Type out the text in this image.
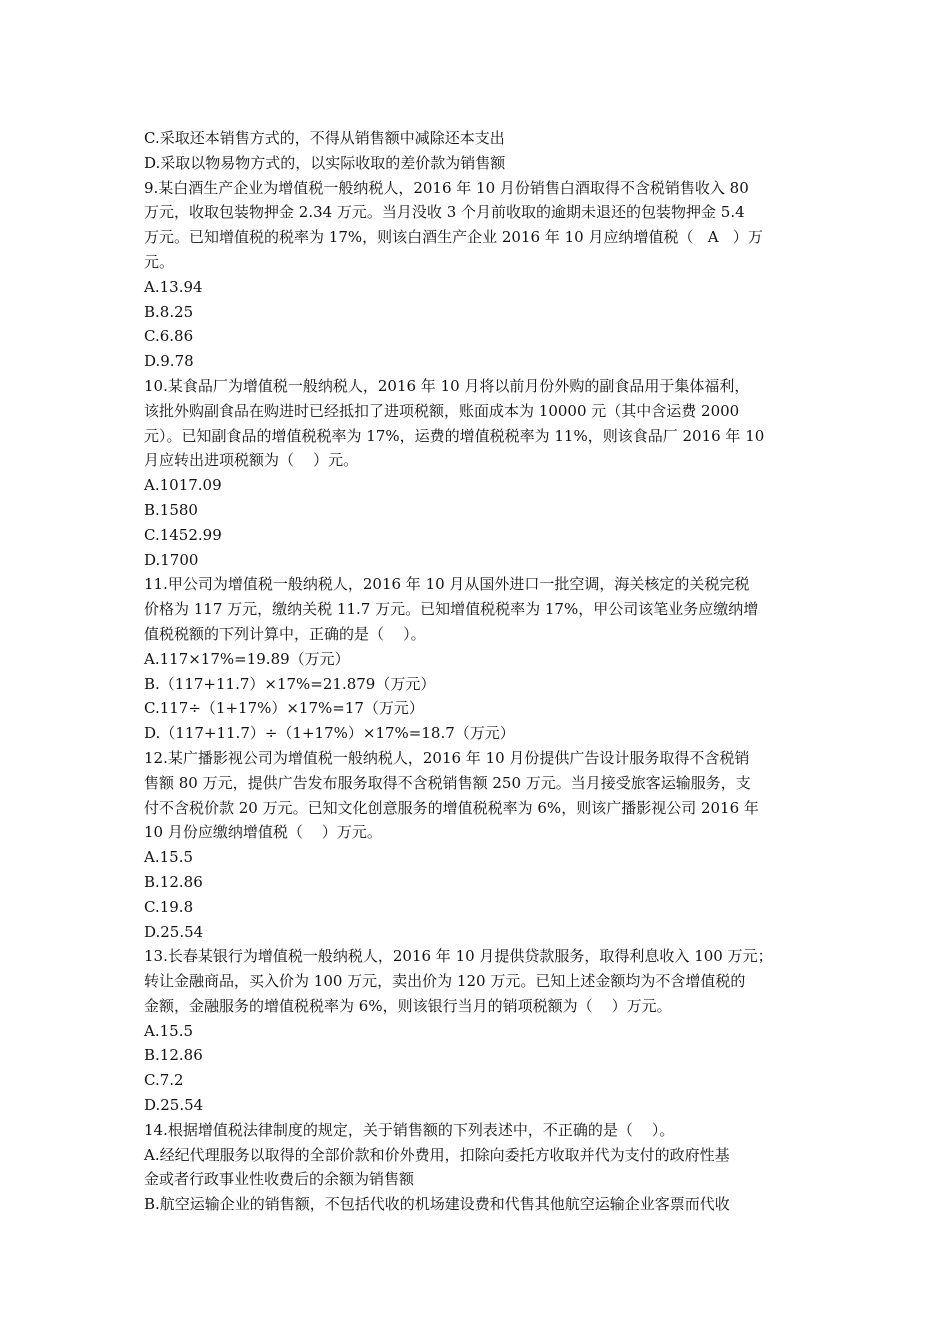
C.采取还本销售方式的，不得从销售额中减除还本支出
D.采取以物易物方式的，以实际收取的差价款为销售额
9.某白酒生产企业为增值税一般纳税人，2016 年 10 月份销售白酒取得不含税销售收入 80
万元，收取包装物押金 2.34 万元。当月没收 3 个月前收取的逾期未退还的包装物押金 5.4
万元。已知增值税的税率为 17%，则该白酒生产企业 2016 年 10 月应纳增值税（   A   ）万
元。
A.13.94
B.8.25
C.6.86
D.9.78
10.某食品厂为增值税一般纳税人，2016 年 10 月将以前月份外购的副食品用于集体福利，
该批外购副食品在购进时已经抵扣了进项税额，账面成本为 10000 元（其中含运费 2000
元）。已知副食品的增值税税率为 17%，运费的增值税税率为 11%，则该食品厂 2016 年 10
月应转出进项税额为（    ）元。
A.1017.09
B.1580
C.1452.99
D.1700
11.甲公司为增值税一般纳税人，2016 年 10 月从国外进口一批空调，海关核定的关税完税
价格为 117 万元，缴纳关税 11.7 万元。已知增值税税率为 17%，甲公司该笔业务应缴纳增
值税税额的下列计算中，正确的是（    ）。
A.117×17%=19.89（万元）
B.（117+11.7）×17%=21.879（万元）
C.117÷（1+17%）×17%=17（万元）
D.（117+11.7）÷（1+17%）×17%=18.7（万元）
12.某广播影视公司为增值税一般纳税人，2016 年 10 月份提供广告设计服务取得不含税销
售额 80 万元，提供广告发布服务取得不含税销售额 250 万元。当月接受旅客运输服务，支
付不含税价款 20 万元。已知文化创意服务的增值税税率为 6%，则该广播影视公司 2016 年
10 月份应缴纳增值税（    ）万元。
A.15.5
B.12.86
C.19.8
D.25.54
13.长春某银行为增值税一般纳税人，2016 年 10 月提供贷款服务，取得利息收入 100 万元；
转让金融商品，买入价为 100 万元，卖出价为 120 万元。已知上述金额均为不含增值税的
金额，金融服务的增值税税率为 6%，则该银行当月的销项税额为（    ）万元。
A.15.5
B.12.86
C.7.2
D.25.54
14.根据增值税法律制度的规定，关于销售额的下列表述中，不正确的是（    ）。
A.经纪代理服务以取得的全部价款和价外费用，扣除向委托方收取并代为支付的政府性基
金或者行政事业性收费后的余额为销售额
B.航空运输企业的销售额，不包括代收的机场建设费和代售其他航空运输企业客票而代收
